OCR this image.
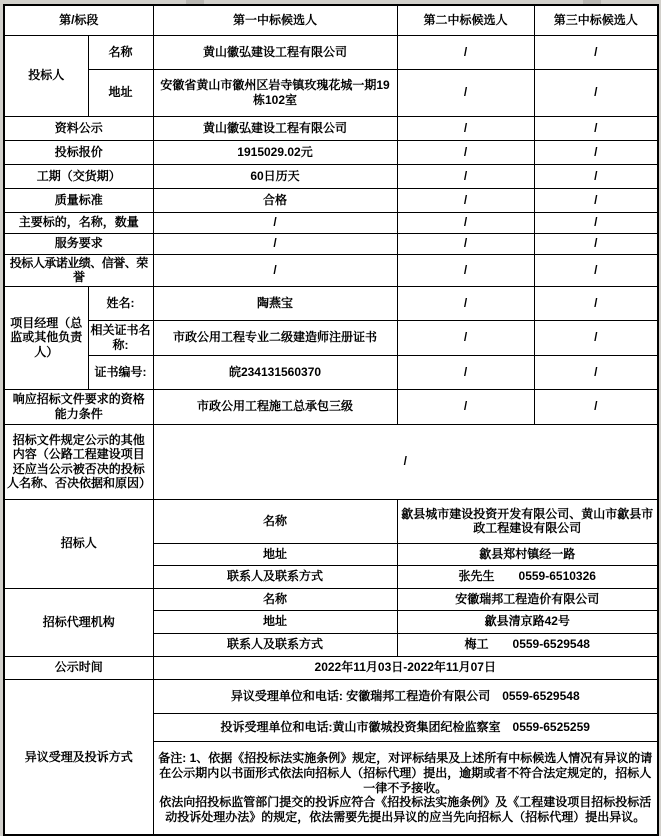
第/标段		第一中标候选人	第二中标候选人	第三中标候选人
投标人	名称	黄山徽弘建设工程有限公司	/	/
	地址	安徽省黄山市徽州区岩寺镇玫瑰花城一期19栋102室	/	/
资料公示		黄山徽弘建设工程有限公司	/	/
投标报价		1915029.02元	/	/
工期（交货期）		60日历天	/	/
质量标准		合格	/	/
主要标的，名称，数量		/	/	/
服务要求		/	/	/
投标人承诺业绩、信誉、荣誉		/	/	/
项目经理（总监或其他负责人）	姓名:	陶燕宝	/	/
	相关证书名称:	市政公用工程专业二级建造师注册证书	/	/
	证书编号:	皖234131560370	/	/
响应招标文件要求的资格能力条件		市政公用工程施工总承包三级	/	/
招标文件规定公示的其他内容（公路工程建设项目还应当公示被否决的投标人名称、否决依据和原因）		/		
招标人		名称	歙县城市建设投资开发有限公司、黄山市歙县市政工程建设有限公司	
		地址	歙县郑村镇经一路	
		联系人及联系方式	张先生　　0559-6510326	
招标代理机构		名称	安徽瑞邦工程造价有限公司	
		地址	歙县清京路42号	
		联系人及联系方式	梅工　　0559-6529548	
公示时间		2022年11月03日-2022年11月07日		
异议受理及投诉方式		异议受理单位和电话: 安徽瑞邦工程造价有限公司　0559-6529548		
		投诉受理单位和电话:黄山市徽城投资集团纪检监察室　0559-6525259		

		备注: 1、依据《招投标法实施条例》规定，对评标结果及上述所有中标候选人情况有异议的请在公示期内以书面形式依法向招标人（招标代理）提出，逾期或者不符合法定规定的，招标人一律不予接收。
依法向招投标监管部门提交的投诉应符合《招投标法实施条例》及《工程建设项目招标投标活动投诉处理办法》的规定，依法需要先提出异议的应当先向招标人（招标代理）提出异议。		
